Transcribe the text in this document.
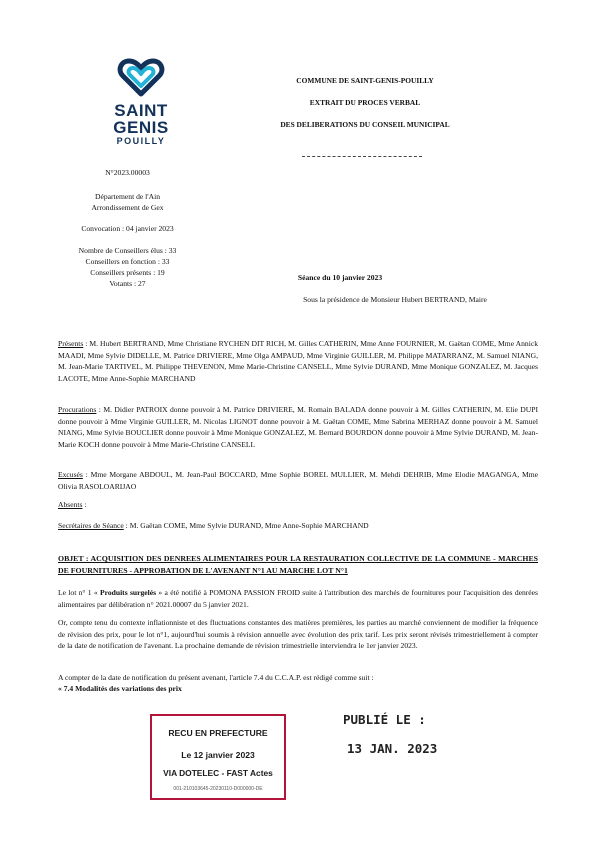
SAINT
GENIS
POUILLY
COMMUNE DE SAINT-GENIS-POUILLY
EXTRAIT DU PROCES VERBAL
DES DELIBERATIONS DU CONSEIL MUNICIPAL
N°2023.00003
Département de l'Ain
Arrondissement de Gex
Convocation : 04 janvier 2023
Nombre de Conseillers élus : 33
Conseillers en fonction : 33
Conseillers présents : 19
Votants : 27
Séance du 10 janvier 2023
Sous la présidence de Monsieur Hubert BERTRAND, Maire
Présents : M. Hubert BERTRAND, Mme Christiane RYCHEN DIT RICH, M. Gilles CATHERIN, Mme Anne FOURNIER, M. Gaëtan COME, Mme Annick MAADI, Mme Sylvie DIDELLE, M. Patrice DRIVIERE, Mme Olga AMPAUD, Mme Virginie GUILLER, M. Philippe MATARRANZ, M. Samuel NIANG, M. Jean-Marie TARTIVEL, M. Philippe THEVENON, Mme Marie-Christine CANSELL, Mme Sylvie DURAND, Mme Monique GONZALEZ, M. Jacques LACOTE, Mme Anne-Sophie MARCHAND
Procurations : M. Didier PATROIX donne pouvoir à M. Patrice DRIVIERE, M. Romain BALADA donne pouvoir à M. Gilles CATHERIN, M. Elie DUPI donne pouvoir à Mme Virginie GUILLER, M. Nicolas LIGNOT donne pouvoir à M. Gaëtan COME, Mme Sabrina MERHAZ donne pouvoir à M. Samuel NIANG, Mme Sylvie BOUCLIER donne pouvoir à Mme Monique GONZALEZ, M. Bernard BOURDON donne pouvoir à Mme Sylvie DURAND, M. Jean-Marie KOCH donne pouvoir à Mme Marie-Christine CANSELL
Excusés : Mme Morgane ABDOUL, M. Jean-Paul BOCCARD, Mme Sophie BOREL MULLIER, M. Mehdi DEHRIB, Mme Elodie MAGANGA, Mme Olivia RASOLOARIJAO
Absents :
Secrétaires de Séance : M. Gaëtan COME, Mme Sylvie DURAND, Mme Anne-Sophie MARCHAND
OBJET : ACQUISITION DES DENREES ALIMENTAIRES POUR LA RESTAURATION COLLECTIVE DE LA COMMUNE - MARCHES DE FOURNITURES - APPROBATION DE L'AVENANT N°1 AU MARCHE LOT N°1
Le lot n° 1 « Produits surgelés » a été notifié à POMONA PASSION FROID suite à l'attribution des marchés de fournitures pour l'acquisition des denrées alimentaires par délibération n° 2021.00007 du 5 janvier 2021.
Or, compte tenu du contexte inflationniste et des fluctuations constantes des matières premières, les parties au marché conviennent de modifier la fréquence de révision des prix, pour le lot n°1, aujourd'hui soumis à révision annuelle avec évolution des prix tarif. Les prix seront révisés trimestriellement à compter de la date de notification de l'avenant. La prochaine demande de révision trimestrielle interviendra le 1er janvier 2023.
A compter de la date de notification du présent avenant, l'article 7.4 du C.C.A.P. est rédigé comme suit :
« 7.4 Modalités des variations des prix
RECU EN PREFECTURE
Le 12 janvier 2023
VIA DOTELEC - FAST Actes
001-210103645-20230110-D000000-DE
PUBLIÉ LE :
13 JAN. 2023
